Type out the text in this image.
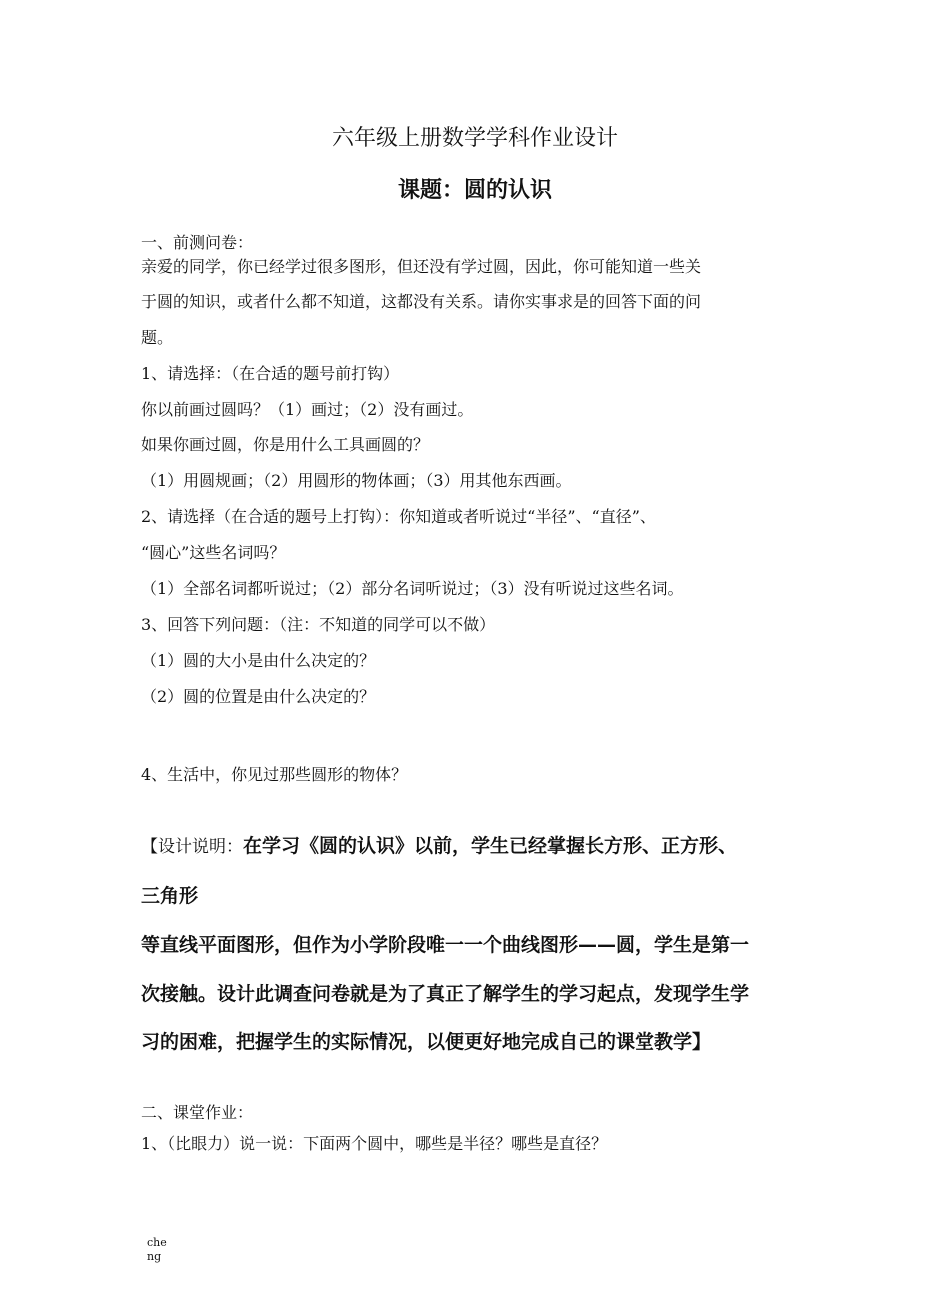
六年级上册数学学科作业设计
课题：圆的认识
一、前测问卷：
亲爱的同学，你已经学过很多图形，但还没有学过圆，因此，你可能知道一些关
于圆的知识，或者什么都不知道，这都没有关系。请你实事求是的回答下面的问
题。
1、请选择：（在合适的题号前打钩）
你以前画过圆吗？（1）画过；（2）没有画过。
如果你画过圆，你是用什么工具画圆的？
（1）用圆规画；（2）用圆形的物体画；（3）用其他东西画。
2、请选择（在合适的题号上打钩）：你知道或者听说过“半径”、“直径”、
“圆心”这些名词吗？
（1）全部名词都听说过；（2）部分名词听说过；（3）没有听说过这些名词。
3、回答下列问题：（注：不知道的同学可以不做）
（1）圆的大小是由什么决定的？
（2）圆的位置是由什么决定的？
4、生活中，你见过那些圆形的物体？
【设计说明：在学习《圆的认识》以前，学生已经掌握长方形、正方形、
三角形
等直线平面图形，但作为小学阶段唯一一个曲线图形——圆，学生是第一
次接触。设计此调查问卷就是为了真正了解学生的学习起点，发现学生学
习的困难，把握学生的实际情况，以便更好地完成自己的课堂教学】
二、课堂作业：
1、（比眼力）说一说：下面两个圆中，哪些是半径？哪些是直径？
cheng
